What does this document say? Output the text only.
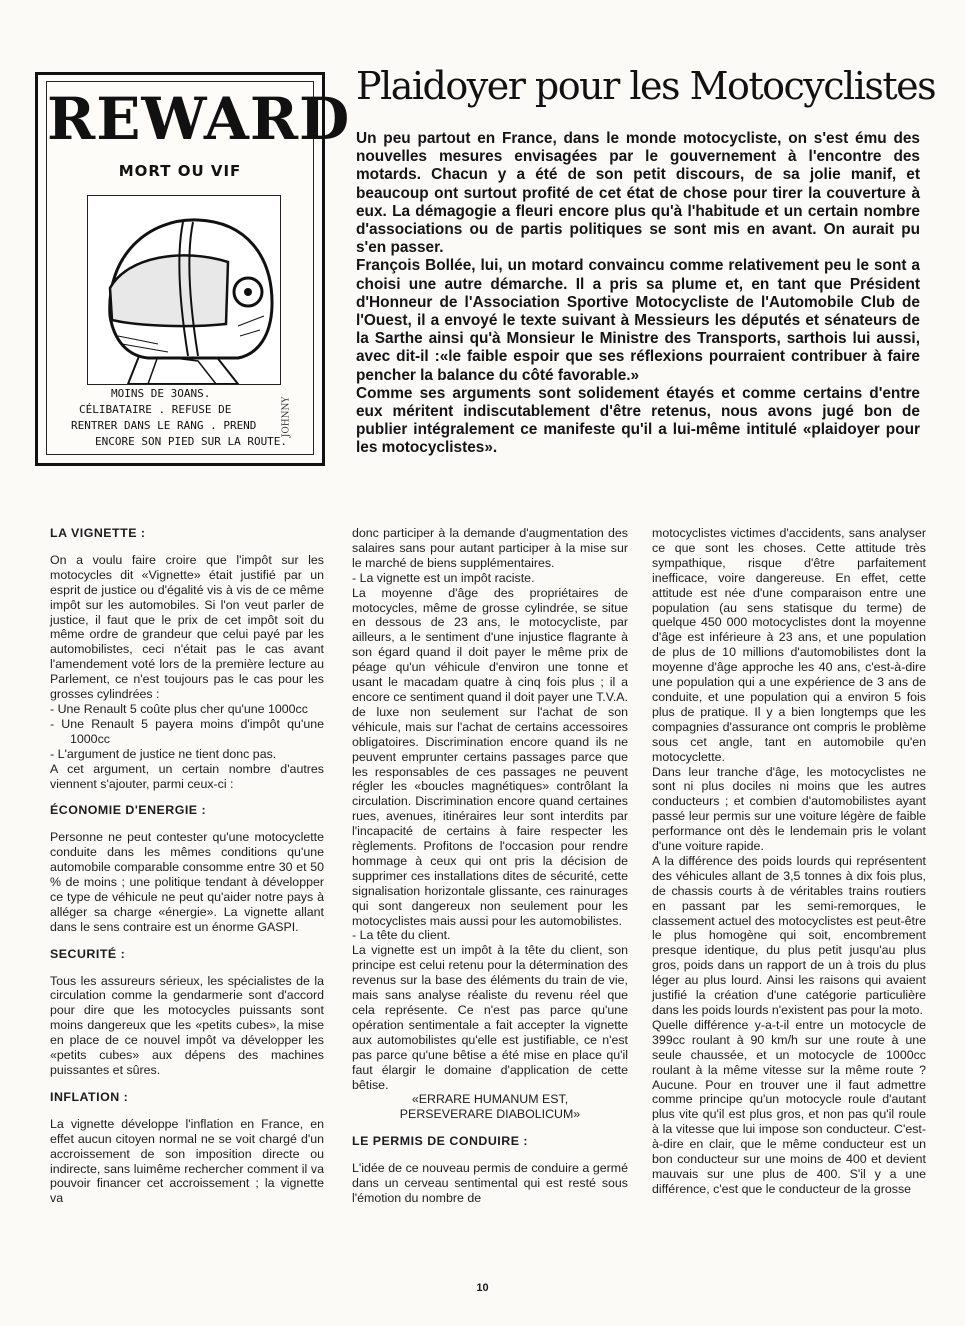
REWARD
MORT OU VIF
MOINS DE 3OANS.
CÉLIBATAIRE . REFUSE DE
RENTRER DANS LE RANG . PREND
ENCORE SON PIED SUR LA ROUTE.
JOHNNY
Plaidoyer pour les Motocyclistes

Un peu partout en France, dans le monde motocycliste, on s'est ému des nouvelles mesures envisagées par le gouvernement à l'encontre des motards. Chacun y a été de son petit discours, de sa jolie manif, et beaucoup ont surtout profité de cet état de chose pour tirer la couverture à eux. La démagogie a fleuri encore plus qu'à l'habitude et un certain nombre d'associations ou de partis politiques se sont mis en avant. On aurait pu s'en passer.

François Bollée, lui, un motard convaincu comme relativement peu le sont a choisi une autre démarche. Il a pris sa plume et, en tant que Président d'Honneur de l'Association Sportive Motocycliste de l'Automobile Club de l'Ouest, il a envoyé le texte suivant à Messieurs les députés et sénateurs de la Sarthe ainsi qu'à Monsieur le Ministre des Transports, sarthois lui aussi, avec dit-il :«le faible espoir que ses réflexions pourraient contribuer à faire pencher la balance du côté favorable.»

Comme ses arguments sont solidement étayés et comme certains d'entre eux méritent indiscutablement d'être retenus, nous avons jugé bon de publier intégralement ce manifeste qu'il a lui-même intitulé «plaidoyer pour les motocyclistes».

LA VIGNETTE :

On a voulu faire croire que l'impôt sur les motocycles dit «Vignette» était justifié par un esprit de justice ou d'égalité vis à vis de ce même impôt sur les automobiles. Si l'on veut parler de justice, il faut que le prix de cet impôt soit du même ordre de grandeur que celui payé par les automobilistes, ceci n'était pas le cas avant l'amendement voté lors de la première lecture au Parlement, ce n'est toujours pas le cas pour les grosses cylindrées :

- Une Renault 5 coûte plus cher qu'une 1000cc

- Une Renault 5 payera moins d'impôt qu'une 1000cc

- L'argument de justice ne tient donc pas.

A cet argument, un certain nombre d'autres viennent s'ajouter, parmi ceux-ci :

ÉCONOMIE D'ENERGIE :

Personne ne peut contester qu'une motocyclette conduite dans les mêmes conditions qu'une automobile comparable consomme entre 30 et 50 % de moins ; une politique tendant à développer ce type de véhicule ne peut qu'aider notre pays à alléger sa charge «énergie». La vignette allant dans le sens contraire est un énorme GASPI.

SECURITÉ :

Tous les assureurs sérieux, les spécialistes de la circulation comme la gendarmerie sont d'accord pour dire que les motocycles puissants sont moins dangereux que les «petits cubes», la mise en place de ce nouvel impôt va développer les «petits cubes» aux dépens des machines puissantes et sûres.

INFLATION :

La vignette développe l'inflation en France, en effet aucun citoyen normal ne se voit chargé d'un accroissement de son imposition directe ou indirecte, sans luimême rechercher comment il va pouvoir financer cet accroissement ; la vignette va

donc participer à la demande d'augmentation des salaires sans pour autant participer à la mise sur le marché de biens supplémentaires.

- La vignette est un impôt raciste.

La moyenne d'âge des propriétaires de motocycles, même de grosse cylindrée, se situe en dessous de 23 ans, le motocycliste, par ailleurs, a le sentiment d'une injustice flagrante à son égard quand il doit payer le même prix de péage qu'un véhicule d'environ une tonne et usant le macadam quatre à cinq fois plus ; il a encore ce sentiment quand il doit payer une T.V.A. de luxe non seulement sur l'achat de son véhicule, mais sur l'achat de certains accessoires obligatoires. Discrimination encore quand ils ne peuvent emprunter certains passages parce que les responsables de ces passages ne peuvent régler les «boucles magnétiques» contrôlant la circulation. Discrimination encore quand certaines rues, avenues, itinéraires leur sont interdits par l'incapacité de certains à faire respecter les règlements. Profitons de l'occasion pour rendre hommage à ceux qui ont pris la décision de supprimer ces installations dites de sécurité, cette signalisation horizontale glissante, ces rainurages qui sont dangereux non seulement pour les motocyclistes mais aussi pour les automobilistes.

- La tête du client.

La vignette est un impôt à la tête du client, son principe est celui retenu pour la détermination des revenus sur la base des éléments du train de vie, mais sans analyse réaliste du revenu réel que cela représente. Ce n'est pas parce qu'une opération sentimentale a fait accepter la vignette aux automobilistes qu'elle est justifiable, ce n'est pas parce qu'une bêtise a été mise en place qu'il faut élargir le domaine d'application de cette bêtise.

«ERRARE HUMANUM EST,

PERSEVERARE DIABOLICUM»

LE PERMIS DE CONDUIRE :

L'idée de ce nouveau permis de conduire a germé dans un cerveau sentimental qui est resté sous l'émotion du nombre de

motocyclistes victimes d'accidents, sans analyser ce que sont les choses. Cette attitude très sympathique, risque d'être parfaitement inefficace, voire dangereuse. En effet, cette attitude est née d'une comparaison entre une population (au sens statisque du terme) de quelque 450 000 motocyclistes dont la moyenne d'âge est inférieure à 23 ans, et une population de plus de 10 millions d'automobilistes dont la moyenne d'âge approche les 40 ans, c'est-à-dire une population qui a une expérience de 3 ans de conduite, et une population qui a environ 5 fois plus de pratique. Il y a bien longtemps que les compagnies d'assurance ont compris le problème sous cet angle, tant en automobile qu'en motocyclette.

Dans leur tranche d'âge, les motocyclistes ne sont ni plus dociles ni moins que les autres conducteurs ; et combien d'automobilistes ayant passé leur permis sur une voiture légère de faible performance ont dès le lendemain pris le volant d'une voiture rapide.

A la différence des poids lourds qui représentent des véhicules allant de 3,5 tonnes à dix fois plus, de chassis courts à de véritables trains routiers en passant par les semi-remorques, le classement actuel des motocyclistes est peut-être le plus homogène qui soit, encombrement presque identique, du plus petit jusqu'au plus gros, poids dans un rapport de un à trois du plus léger au plus lourd. Ainsi les raisons qui avaient justifié la création d'une catégorie particulière dans les poids lourds n'existent pas pour la moto.

Quelle différence y-a-t-il entre un motocycle de 399cc roulant à 90 km/h sur une route à une seule chaussée, et un motocycle de 1000cc roulant à la même vitesse sur la même route ? Aucune. Pour en trouver une il faut admettre comme principe qu'un motocycle roule d'autant plus vite qu'il est plus gros, et non pas qu'il roule à la vitesse que lui impose son conducteur. C'est-à-dire en clair, que le même conducteur est un bon conducteur sur une moins de 400 et devient mauvais sur une plus de 400. S'il y a une différence, c'est que le conducteur de la grosse

10
